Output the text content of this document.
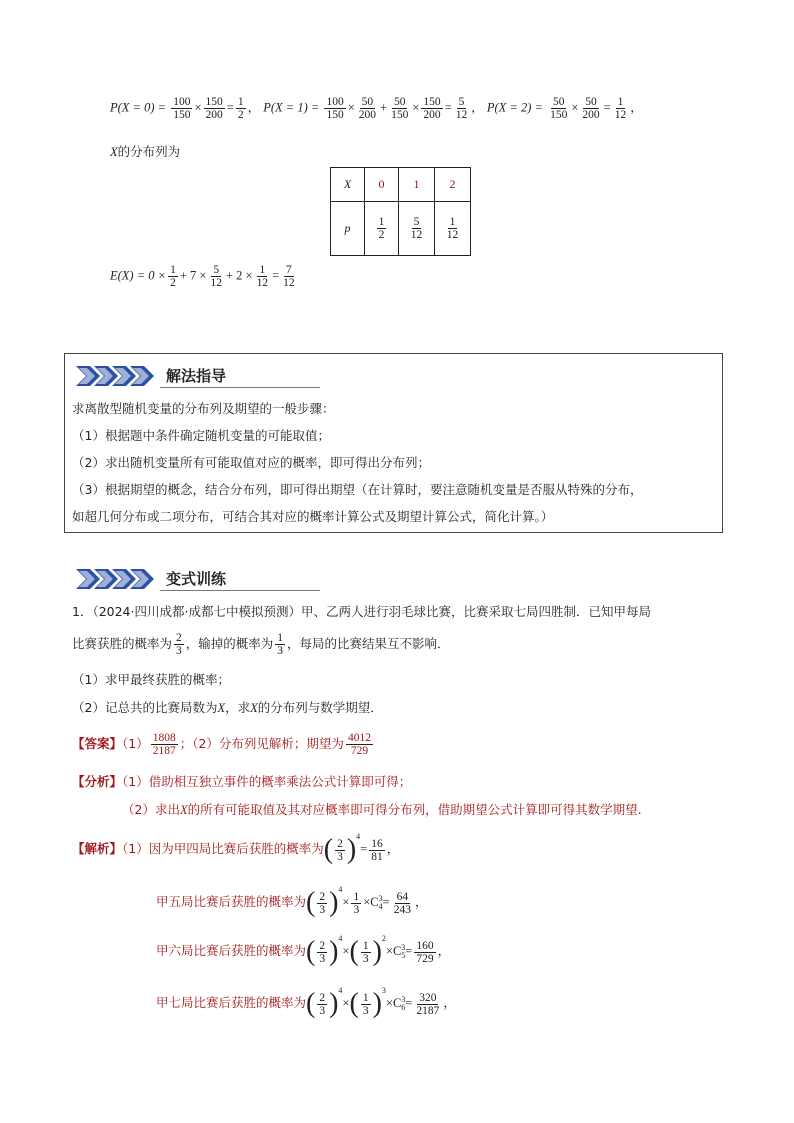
$P(X = 0) = \frac{100}{150} \times \frac{150}{200} = \frac{1}{2}$ ， $P(X = 1) = \frac{100}{150} \times \frac{50}{200} + \frac{50}{150} \times \frac{150}{200} = \frac{5}{12}$ ， $P(X = 2) = \frac{50}{150} \times \frac{50}{200} = \frac{1}{12}$ ，
X的分布列为
X	0	1	2
p	$\frac{1}{2}$	$\frac{5}{12}$	$\frac{1}{12}$
$E(X) = 0 \times \frac{1}{2} + 7 \times \frac{5}{12} + 2 \times \frac{1}{12} = \frac{7}{12}$
解法指导
求离散型随机变量的分布列及期望的一般步骤：
（1）根据题中条件确定随机变量的可能取值；
（2）求出随机变量所有可能取值对应的概率，即可得出分布列；
（3）根据期望的概念，结合分布列，即可得出期望（在计算时，要注意随机变量是否服从特殊的分布，
如超几何分布或二项分布，可结合其对应的概率计算公式及期望计算公式，简化计算。）
变式训练
1．（2024·四川成都·成都七中模拟预测）甲、乙两人进行羽毛球比赛，比赛采取七局四胜制．已知甲每局
比赛获胜的概率为 $\frac{2}{3}$ ，输掉的概率为 $\frac{1}{3}$ ，每局的比赛结果互不影响．
（1）求甲最终获胜的概率；
（2）记总共的比赛局数为X，求X的分布列与数学期望．
【答案】$(1) \frac{1808}{2187}$ ；（2）分布列见解析；期望为 $\frac{4012}{729}$
【分析】（1）借助相互独立事件的概率乘法公式计算即可得；
（2）求出X的所有可能取值及其对应概率即可得分布列，借助期望公式计算即可得其数学期望.
【解析】（1）因为甲四局比赛后获胜的概率为( $\frac{2}{3} )^4= \frac{16}{81}$ ，
甲五局比赛后获胜的概率为( $\frac{2}{3} )^4\times \frac{1}{3} \times C$ 3
$4 = \frac{64}{243}$ ，
甲六局比赛后获胜的概率为( $\frac{2}{3} )^4\times( \frac{1}{3} )^2\times C$ 3
$5 = \frac{160}{729}$ ，
甲七局比赛后获胜的概率为( $\frac{2}{3} )^4\times( \frac{1}{3} )^3\times C$ 3
$6 = \frac{320}{2187}$ ，
